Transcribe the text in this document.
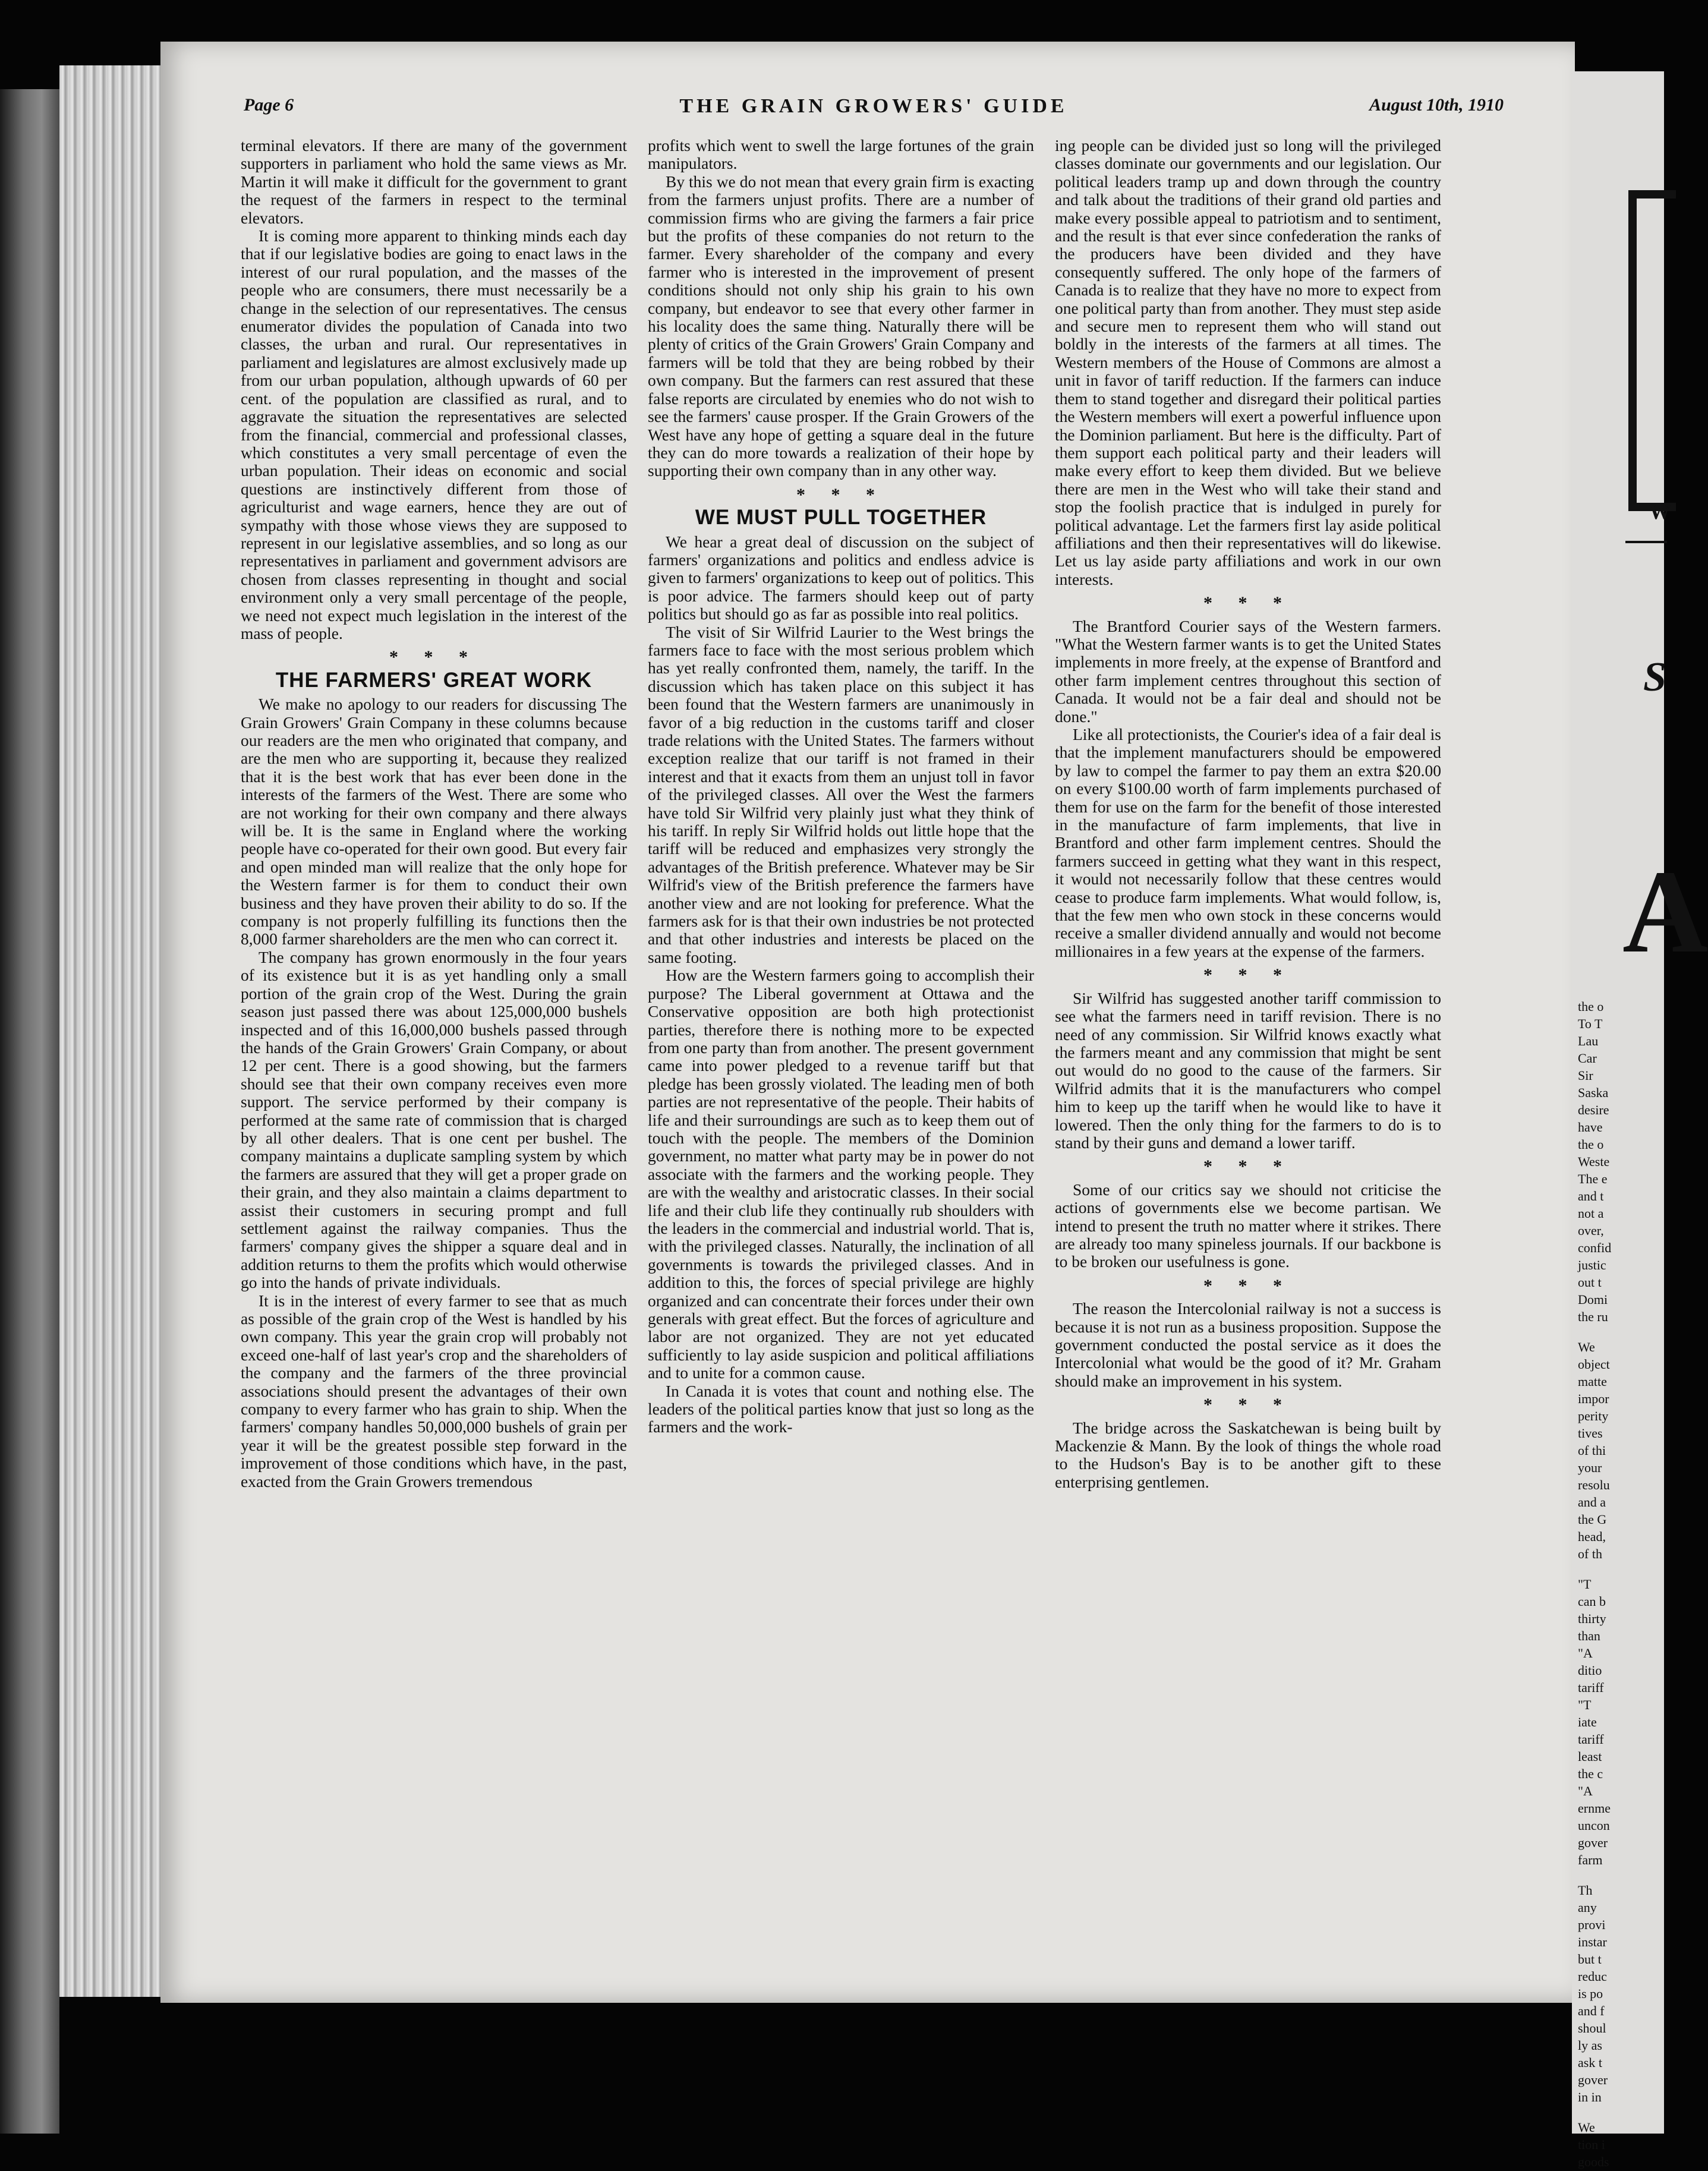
Page 6	THE GRAIN GROWERS' GUIDE	August 10th, 1910

terminal elevators. If there are many of the government supporters in parliament who hold the same views as Mr. Martin it will make it difficult for the government to grant the request of the farmers in respect to the terminal elevators.

It is coming more apparent to thinking minds each day that if our legislative bodies are going to enact laws in the interest of our rural population, and the masses of the people who are consumers, there must necessarily be a change in the selection of our representatives. The census enumerator divides the population of Canada into two classes, the urban and rural. Our representatives in parliament and legislatures are almost exclusively made up from our urban population, although upwards of 60 per cent. of the population are classified as rural, and to aggravate the situation the representatives are selected from the financial, commercial and professional classes, which constitutes a very small percentage of even the urban population. Their ideas on economic and social questions are instinctively different from those of agriculturist and wage earners, hence they are out of sympathy with those whose views they are supposed to represent in our legislative assemblies, and so long as our representatives in parliament and government advisors are chosen from classes representing in thought and social environment only a very small percentage of the people, we need not expect much legislation in the interest of the mass of people.

* * *
THE FARMERS' GREAT WORK

We make no apology to our readers for discussing The Grain Growers' Grain Company in these columns because our readers are the men who originated that company, and are the men who are supporting it, because they realized that it is the best work that has ever been done in the interests of the farmers of the West. There are some who are not working for their own company and there always will be. It is the same in England where the working people have co-operated for their own good. But every fair and open minded man will realize that the only hope for the Western farmer is for them to conduct their own business and they have proven their ability to do so. If the company is not properly fulfilling its functions then the 8,000 farmer shareholders are the men who can correct it.

The company has grown enormously in the four years of its existence but it is as yet handling only a small portion of the grain crop of the West. During the grain season just passed there was about 125,000,000 bushels inspected and of this 16,000,000 bushels passed through the hands of the Grain Growers' Grain Company, or about 12 per cent. There is a good showing, but the farmers should see that their own company receives even more support. The service performed by their company is performed at the same rate of commission that is charged by all other dealers. That is one cent per bushel. The company maintains a duplicate sampling system by which the farmers are assured that they will get a proper grade on their grain, and they also maintain a claims department to assist their customers in securing prompt and full settlement against the railway companies. Thus the farmers' company gives the shipper a square deal and in addition returns to them the profits which would otherwise go into the hands of private individuals.

It is in the interest of every farmer to see that as much as possible of the grain crop of the West is handled by his own company. This year the grain crop will probably not exceed one-half of last year's crop and the shareholders of the company and the farmers of the three provincial associations should present the advantages of their own company to every farmer who has grain to ship. When the farmers' company handles 50,000,000 bushels of grain per year it will be the greatest possible step forward in the improvement of those conditions which have, in the past, exacted from the Grain Growers tremendous

profits which went to swell the large fortunes of the grain manipulators.

By this we do not mean that every grain firm is exacting from the farmers unjust profits. There are a number of commission firms who are giving the farmers a fair price but the profits of these companies do not return to the farmer. Every shareholder of the company and every farmer who is interested in the improvement of present conditions should not only ship his grain to his own company, but endeavor to see that every other farmer in his locality does the same thing. Naturally there will be plenty of critics of the Grain Growers' Grain Company and farmers will be told that they are being robbed by their own company. But the farmers can rest assured that these false reports are circulated by enemies who do not wish to see the farmers' cause prosper. If the Grain Growers of the West have any hope of getting a square deal in the future they can do more towards a realization of their hope by supporting their own company than in any other way.

* * *
WE MUST PULL TOGETHER

We hear a great deal of discussion on the subject of farmers' organizations and politics and endless advice is given to farmers' organizations to keep out of politics. This is poor advice. The farmers should keep out of party politics but should go as far as possible into real politics.

The visit of Sir Wilfrid Laurier to the West brings the farmers face to face with the most serious problem which has yet really confronted them, namely, the tariff. In the discussion which has taken place on this subject it has been found that the Western farmers are unanimously in favor of a big reduction in the customs tariff and closer trade relations with the United States. The farmers without exception realize that our tariff is not framed in their interest and that it exacts from them an unjust toll in favor of the privileged classes. All over the West the farmers have told Sir Wilfrid very plainly just what they think of his tariff. In reply Sir Wilfrid holds out little hope that the tariff will be reduced and emphasizes very strongly the advantages of the British preference. Whatever may be Sir Wilfrid's view of the British preference the farmers have another view and are not looking for preference. What the farmers ask for is that their own industries be not protected and that other industries and interests be placed on the same footing.

How are the Western farmers going to accomplish their purpose? The Liberal government at Ottawa and the Conservative opposition are both high protectionist parties, therefore there is nothing more to be expected from one party than from another. The present government came into power pledged to a revenue tariff but that pledge has been grossly violated. The leading men of both parties are not representative of the people. Their habits of life and their surroundings are such as to keep them out of touch with the people. The members of the Dominion government, no matter what party may be in power do not associate with the farmers and the working people. They are with the wealthy and aristocratic classes. In their social life and their club life they continually rub shoulders with the leaders in the commercial and industrial world. That is, with the privileged classes. Naturally, the inclination of all governments is towards the privileged classes. And in addition to this, the forces of special privilege are highly organized and can concentrate their forces under their own generals with great effect. But the forces of agriculture and labor are not organized. They are not yet educated sufficiently to lay aside suspicion and political affiliations and to unite for a common cause.

In Canada it is votes that count and nothing else. The leaders of the political parties know that just so long as the farmers and the work-

ing people can be divided just so long will the privileged classes dominate our governments and our legislation. Our political leaders tramp up and down through the country and talk about the traditions of their grand old parties and make every possible appeal to patriotism and to sentiment, and the result is that ever since confederation the ranks of the producers have been divided and they have consequently suffered. The only hope of the farmers of Canada is to realize that they have no more to expect from one political party than from another. They must step aside and secure men to represent them who will stand out boldly in the interests of the farmers at all times. The Western members of the House of Commons are almost a unit in favor of tariff reduction. If the farmers can induce them to stand together and disregard their political parties the Western members will exert a powerful influence upon the Dominion parliament. But here is the difficulty. Part of them support each political party and their leaders will make every effort to keep them divided. But we believe there are men in the West who will take their stand and stop the foolish practice that is indulged in purely for political advantage. Let the farmers first lay aside political affiliations and then their representatives will do likewise. Let us lay aside party affiliations and work in our own interests.

* * *

The Brantford Courier says of the Western farmers. "What the Western farmer wants is to get the United States implements in more freely, at the expense of Brantford and other farm implement centres throughout this section of Canada. It would not be a fair deal and should not be done."

Like all protectionists, the Courier's idea of a fair deal is that the implement manufacturers should be empowered by law to compel the farmer to pay them an extra $20.00 on every $100.00 worth of farm implements purchased of them for use on the farm for the benefit of those interested in the manufacture of farm implements, that live in Brantford and other farm implement centres. Should the farmers succeed in getting what they want in this respect, it would not necessarily follow that these centres would cease to produce farm implements. What would follow, is, that the few men who own stock in these concerns would receive a smaller dividend annually and would not become millionaires in a few years at the expense of the farmers.

* * *

Sir Wilfrid has suggested another tariff commission to see what the farmers need in tariff revision. There is no need of any commission. Sir Wilfrid knows exactly what the farmers meant and any commission that might be sent out would do no good to the cause of the farmers. Sir Wilfrid admits that it is the manufacturers who compel him to keep up the tariff when he would like to have it lowered. Then the only thing for the farmers to do is to stand by their guns and demand a lower tariff.

* * *

Some of our critics say we should not criticise the actions of governments else we become partisan. We intend to present the truth no matter where it strikes. There are already too many spineless journals. If our backbone is to be broken our usefulness is gone.

* * *

The reason the Intercolonial railway is not a success is because it is not run as a business proposition. Suppose the government conducted the postal service as it does the Intercolonial what would be the good of it? Mr. Graham should make an improvement in his system.

* * *

The bridge across the Saskatchewan is being built by Mackenzie & Mann. By the look of things the whole road to the Hudson's Bay is to be another gift to these enterprising gentlemen.

W
S
A
the o
To T
Lau
Car
Sir
Saska
desire
have
the o
Weste
The e
and t
not a
over,
confid
justic
out t
Domi
the ru
We
object
matte
impor
perity
tives
of thi
your
resolu
and a
the G
head,
of th
"T
can b
thirty
than
"A
ditio
tariff
"T
iate
tariff
least
the c
"A
ernme
uncon
gover
farm
Th
any
provi
instar
but t
reduc
is po
and f
shoul
ly as
ask t
gover
in in
We
tion i
goods
